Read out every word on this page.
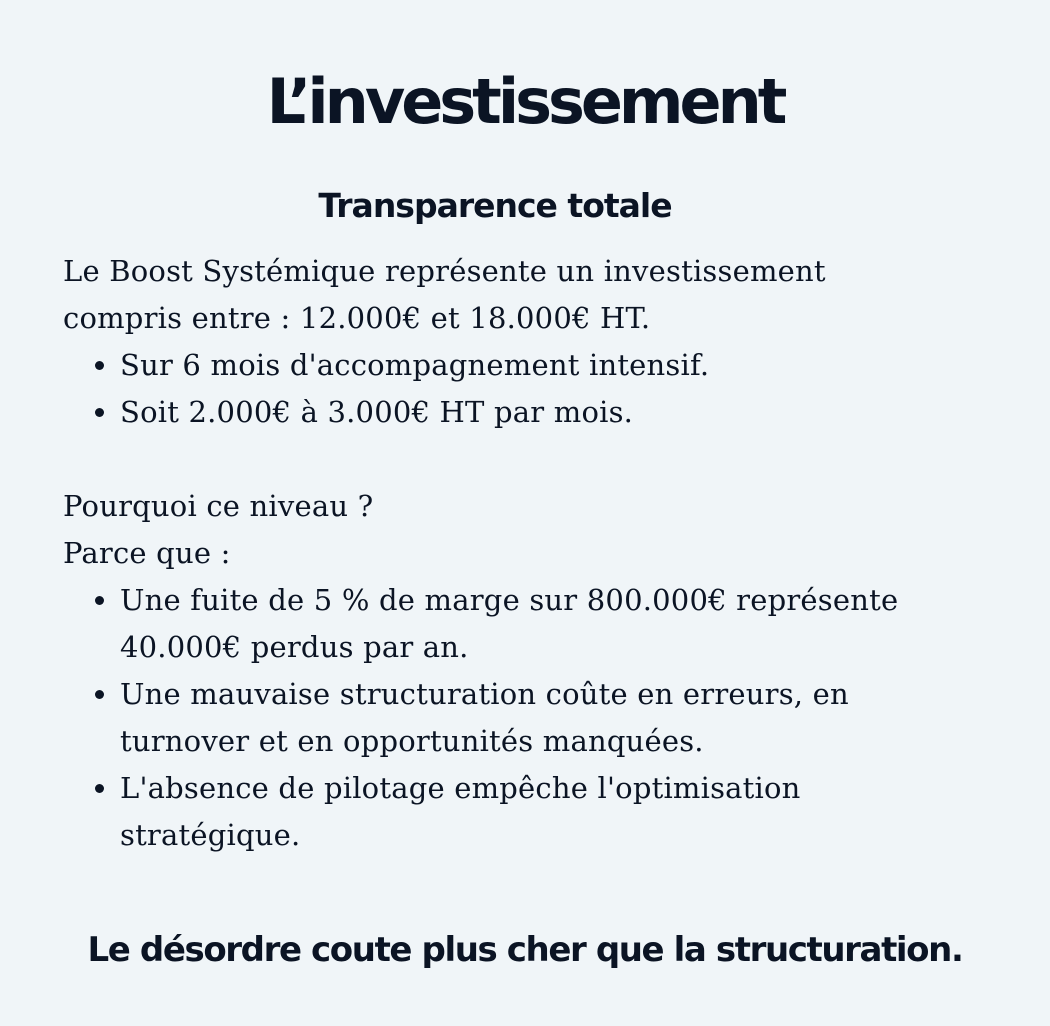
L’investissement
Transparence totale

Le Boost Systémique représente un investissement

compris entre : 12.000€ et 18.000€ HT.

• Sur 6 mois d'accompagnement intensif.
• Soit 2.000€ à 3.000€ HT par mois.

Pourquoi ce niveau ?

Parce que :

• Une fuite de 5 % de marge sur 800.000€ représente 40.000€ perdus par an.
• Une mauvaise structuration coûte en erreurs, en turnover et en opportunités manquées.
• L'absence de pilotage empêche l'optimisation stratégique.

Le désordre coute plus cher que la structuration.
